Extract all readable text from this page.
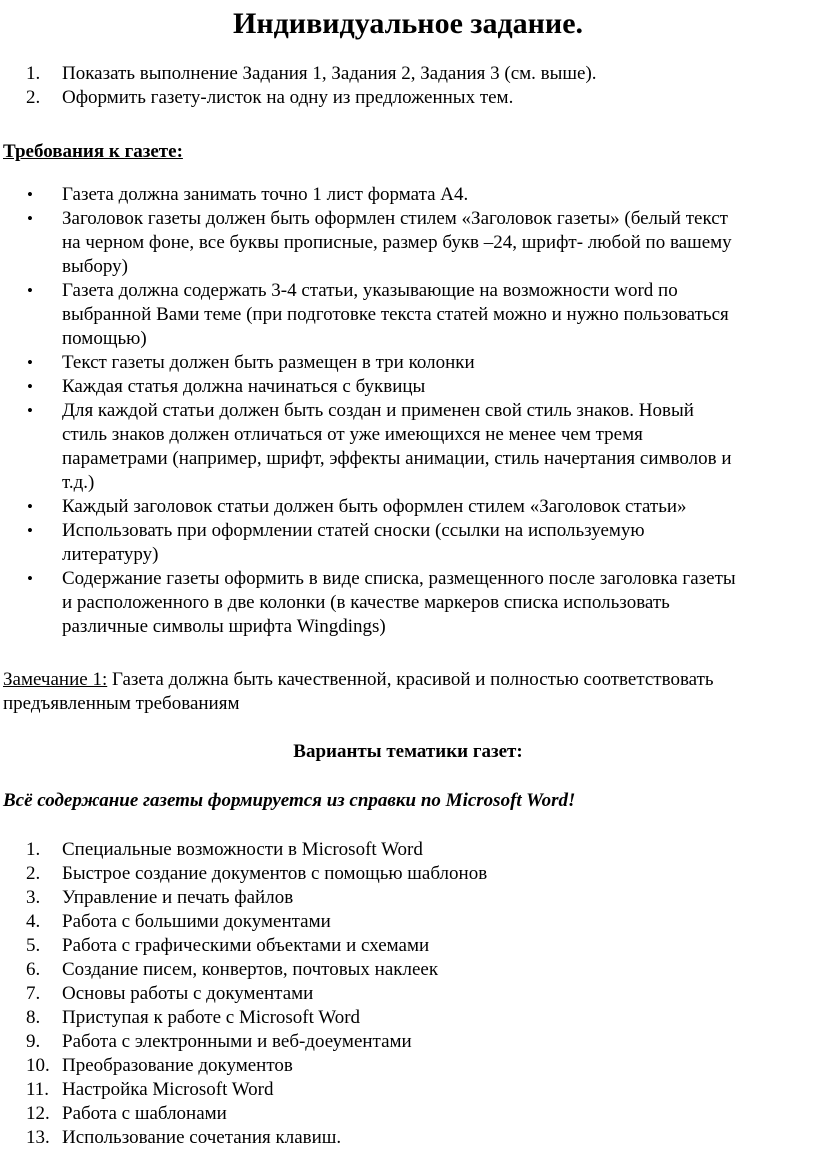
Индивидуальное задание.
1.	Показать выполнение Задания 1, Задания 2, Задания 3 (см. выше).
2.	Оформить газету-листок на одну из предложенных тем.
Требования к газете:
•	Газета должна занимать точно 1 лист формата А4.
•	Заголовок газеты должен быть оформлен стилем «Заголовок газеты» (белый текст
на черном фоне, все буквы прописные, размер букв –24, шрифт- любой по вашему
выбору)
•	Газета должна содержать 3-4 статьи, указывающие на возможности word по
выбранной Вами теме (при подготовке текста статей можно и нужно пользоваться
помощью)
•	Текст газеты должен быть размещен в три колонки
•	Каждая статья должна начинаться с буквицы
•	Для каждой статьи должен быть создан и применен свой стиль знаков. Новый
стиль знаков должен отличаться от уже имеющихся не менее чем тремя
параметрами (например, шрифт, эффекты анимации, стиль начертания символов и
т.д.)
•	Каждый заголовок статьи должен быть оформлен стилем «Заголовок статьи»
•	Использовать при оформлении статей сноски (ссылки на используемую
литературу)
•	Содержание газеты оформить в виде списка, размещенного после заголовка газеты
и расположенного в две колонки (в качестве маркеров списка использовать
различные символы шрифта Wingdings)
Замечание 1: Газета должна быть качественной, красивой и полностью соответствовать
предъявленным требованиям
Варианты тематики газет:
Всё содержание газеты формируется из справки по Microsoft Word!
1.	Специальные возможности в Microsoft Word
2.	Быстрое создание документов с помощью шаблонов
3.	Управление и печать файлов
4.	Работа с большими документами
5.	Работа с графическими объектами и схемами
6.	Создание писем, конвертов, почтовых наклеек
7.	Основы работы с документами
8.	Приступая к работе с Microsoft Word
9.	Работа с электронными и веб-доеументами
10. Преобразование документов
11. Настройка Microsoft Word
12. Работа с шаблонами
13. Использование сочетания клавиш.
